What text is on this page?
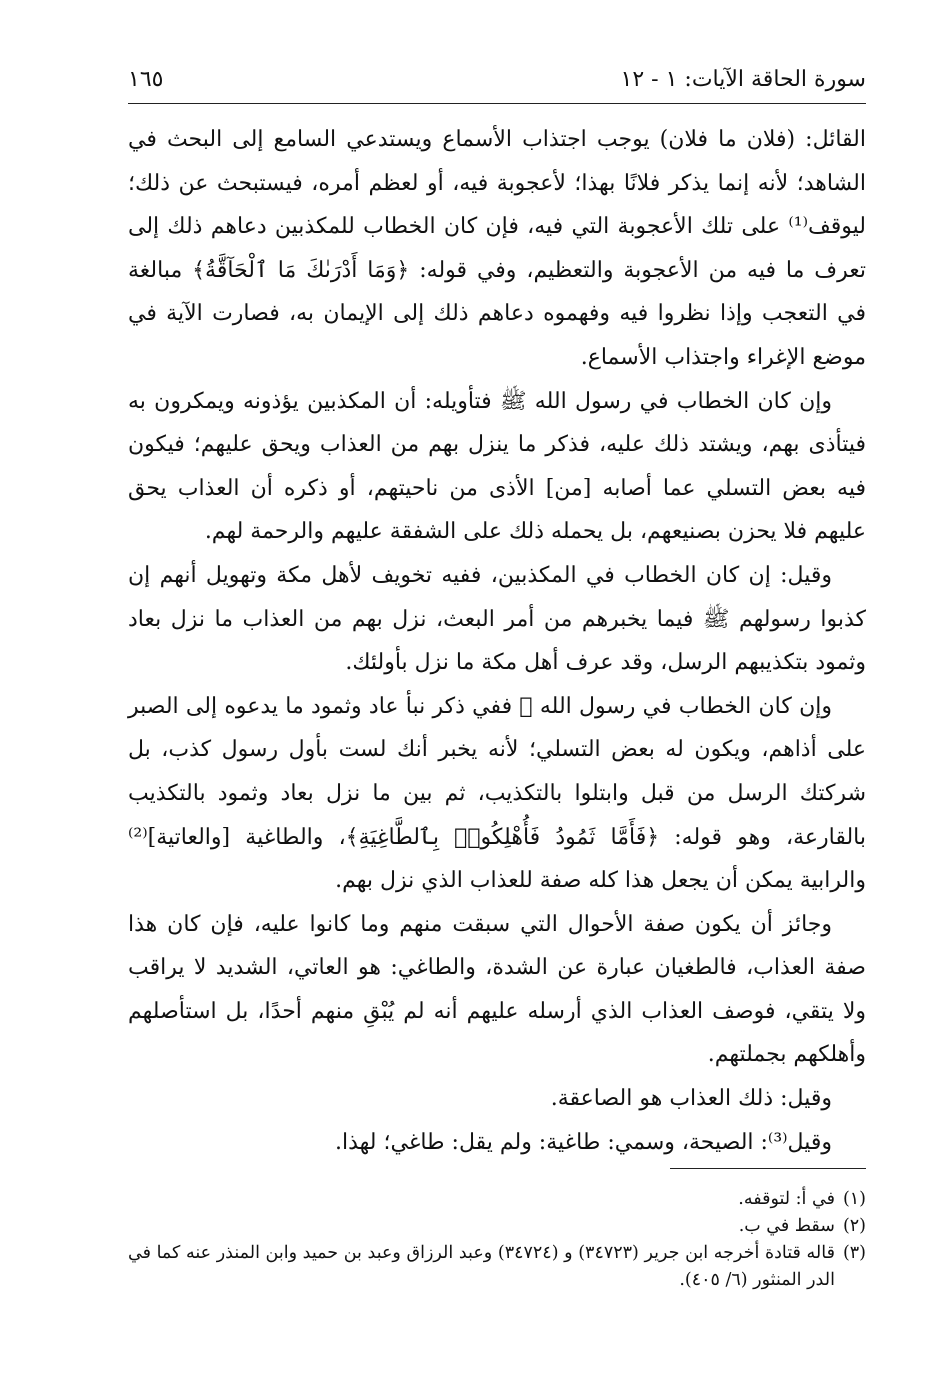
سورة الحاقة الآيات: ١ - ١٢
١٦٥

القائل: (فلان ما فلان) يوجب اجتذاب الأسماع ويستدعي السامع إلى البحث في الشاهد؛ لأنه إنما يذكر فلانًا بهذا؛ لأعجوبة فيه، أو لعظم أمره، فيستبحث عن ذلك؛ ليوقف⁽¹⁾ على تلك الأعجوبة التي فيه، فإن كان الخطاب للمكذبين دعاهم ذلك إلى تعرف ما فيه من الأعجوبة والتعظيم، وفي قوله: ﴿وَمَا أَدْرَىٰكَ مَا ٱلْحَآقَّةُ﴾ مبالغة في التعجب وإذا نظروا فيه وفهموه دعاهم ذلك إلى الإيمان به، فصارت الآية في موضع الإغراء واجتذاب الأسماع.

وإن كان الخطاب في رسول الله ﷺ فتأويله: أن المكذبين يؤذونه ويمكرون به فيتأذى بهم، ويشتد ذلك عليه، فذكر ما ينزل بهم من العذاب ويحق عليهم؛ فيكون فيه بعض التسلي عما أصابه [من] الأذى من ناحيتهم، أو ذكره أن العذاب يحق عليهم فلا يحزن بصنيعهم، بل يحمله ذلك على الشفقة عليهم والرحمة لهم.

وقيل: إن كان الخطاب في المكذبين، ففيه تخويف لأهل مكة وتهويل أنهم إن كذبوا رسولهم ﷺ فيما يخبرهم من أمر البعث، نزل بهم من العذاب ما نزل بعاد وثمود بتكذيبهم الرسل، وقد عرف أهل مكة ما نزل بأولئك.

وإن كان الخطاب في رسول الله ﷺ ففي ذكر نبأ عاد وثمود ما يدعوه إلى الصبر على أذاهم، ويكون له بعض التسلي؛ لأنه يخبر أنك لست بأول رسول كذب، بل شركتك الرسل من قبل وابتلوا بالتكذيب، ثم بين ما نزل بعاد وثمود بالتكذيب بالقارعة، وهو قوله: ﴿فَأَمَّا ثَمُودُ فَأُهْلِكُوا۟ بِٱلطَّاغِيَةِ﴾، والطاغية [والعاتية]⁽²⁾ والرابية يمكن أن يجعل هذا كله صفة للعذاب الذي نزل بهم.

وجائز أن يكون صفة الأحوال التي سبقت منهم وما كانوا عليه، فإن كان هذا صفة العذاب، فالطغيان عبارة عن الشدة، والطاغي: هو العاتي، الشديد لا يراقب ولا يتقي، فوصف العذاب الذي أرسله عليهم أنه لم يُبْقِ منهم أحدًا، بل استأصلهم وأهلكهم بجملتهم.

وقيل: ذلك العذاب هو الصاعقة.

وقيل⁽³⁾: الصيحة، وسمي: طاغية: ولم يقل: طاغي؛ لهذا.

(١)
في أ: لتوقفه.
(٢)
سقط في ب.
(٣)
قاله قتادة أخرجه ابن جرير (٣٤٧٢٣) و (٣٤٧٢٤) وعبد الرزاق وعبد بن حميد وابن المنذر عنه كما في الدر المنثور (٦/ ٤٠٥).
